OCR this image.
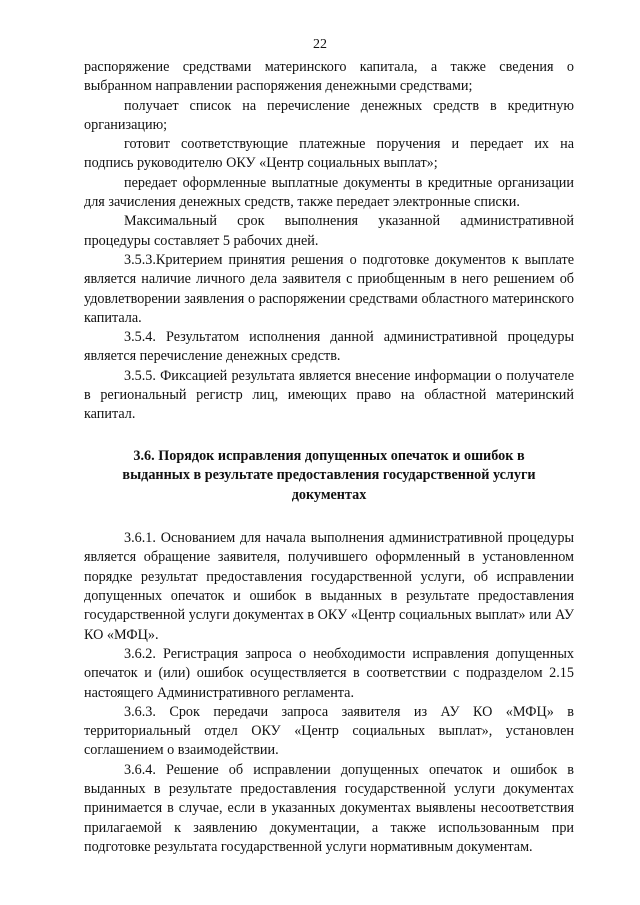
22

распоряжение средствами материнского капитала, а также сведения о выбранном направлении распоряжения денежными средствами;

получает список на перечисление денежных средств в кредитную организацию;

готовит соответствующие платежные поручения и передает их на подпись руководителю ОКУ «Центр социальных выплат»;

передает оформленные выплатные документы в кредитные организации для зачисления денежных средств, также передает электронные списки.

Максимальный срок выполнения указанной административной процедуры составляет 5 рабочих дней.

3.5.3.Критерием принятия решения о подготовке документов к выплате является наличие личного дела заявителя с приобщенным в него решением об удовлетворении заявления о распоряжении средствами областного материнского капитала.

3.5.4. Результатом исполнения данной административной процедуры является перечисление денежных средств.

3.5.5. Фиксацией результата является внесение информации о получателе в региональный регистр лиц, имеющих право на областной материнский капитал.

3.6. Порядок исправления допущенных опечаток и ошибок в выданных в результате предоставления государственной услуги документах

3.6.1. Основанием для начала выполнения административной процедуры является обращение заявителя, получившего оформленный в установленном порядке результат предоставления государственной услуги, об исправлении допущенных опечаток и ошибок в выданных в результате предоставления государственной услуги документах в ОКУ «Центр социальных выплат» или АУ КО «МФЦ».

3.6.2. Регистрация запроса о необходимости исправления допущенных опечаток и (или) ошибок осуществляется в соответствии с подразделом 2.15 настоящего Административного регламента.

3.6.3. Срок передачи запроса заявителя из АУ КО «МФЦ» в территориальный отдел ОКУ «Центр социальных выплат», установлен соглашением о взаимодействии.

3.6.4. Решение об исправлении допущенных опечаток и ошибок в выданных в результате предоставления государственной услуги документах принимается в случае, если в указанных документах выявлены несоответствия прилагаемой к заявлению документации, а также использованным при подготовке результата государственной услуги нормативным документам.
